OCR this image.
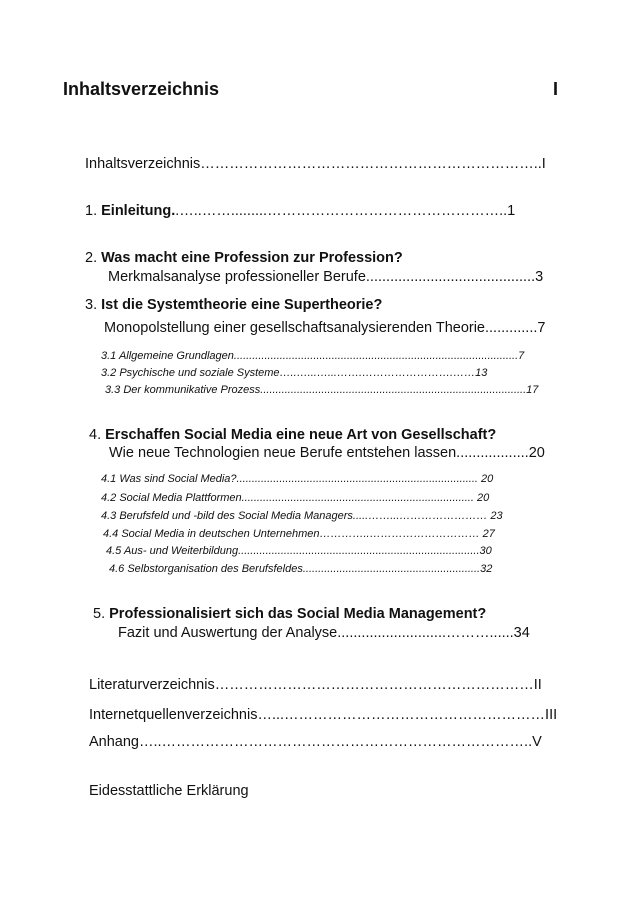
Inhaltsverzeichnis	I
Inhaltsverzeichnis……………………………………………………………..I
1. Einleitung..…..…….........…………………………………………..1
2. Was macht eine Profession zur Profession?
Merkmalsanalyse professioneller Berufe..........................................3
3. Ist die Systemtheorie eine Supertheorie?
Monopolstellung einer gesellschaftsanalysierenden Theorie.............7
3.1 Allgemeine Grundlagen.............................................................................................7
3.2 Psychische und soziale Systeme…..…...…...…….…………………….……13
3.3 Der kommunikative Prozess.......................................................................................17
4. Erschaffen Social Media eine neue Art von Gesellschaft?
Wie neue Technologien neue Berufe entstehen lassen..................20
4.1 Was sind Social Media?............................................................................... 20
4.2 Social Media Plattformen............................................................................ 20
4.3 Berufsfeld und -bild des Social Media Managers.....……...…………………… 23
4.4 Social Media in deutschen Unternehmen…………..………………………… 27
4.5 Aus- und Weiterbildung...............................................................................30
4.6 Selbstorganisation des Berufsfeldes..........................................................32
5. Professionalisiert sich das Social Media Management?
Fazit und Auswertung der Analyse...........................………......34
Literaturverzeichnis…………………………………………………………II
Internetquellenverzeichnis…...………………………………………………III
Anhang…..…………………………………………………………………..V
Eidesstattliche Erklärung
